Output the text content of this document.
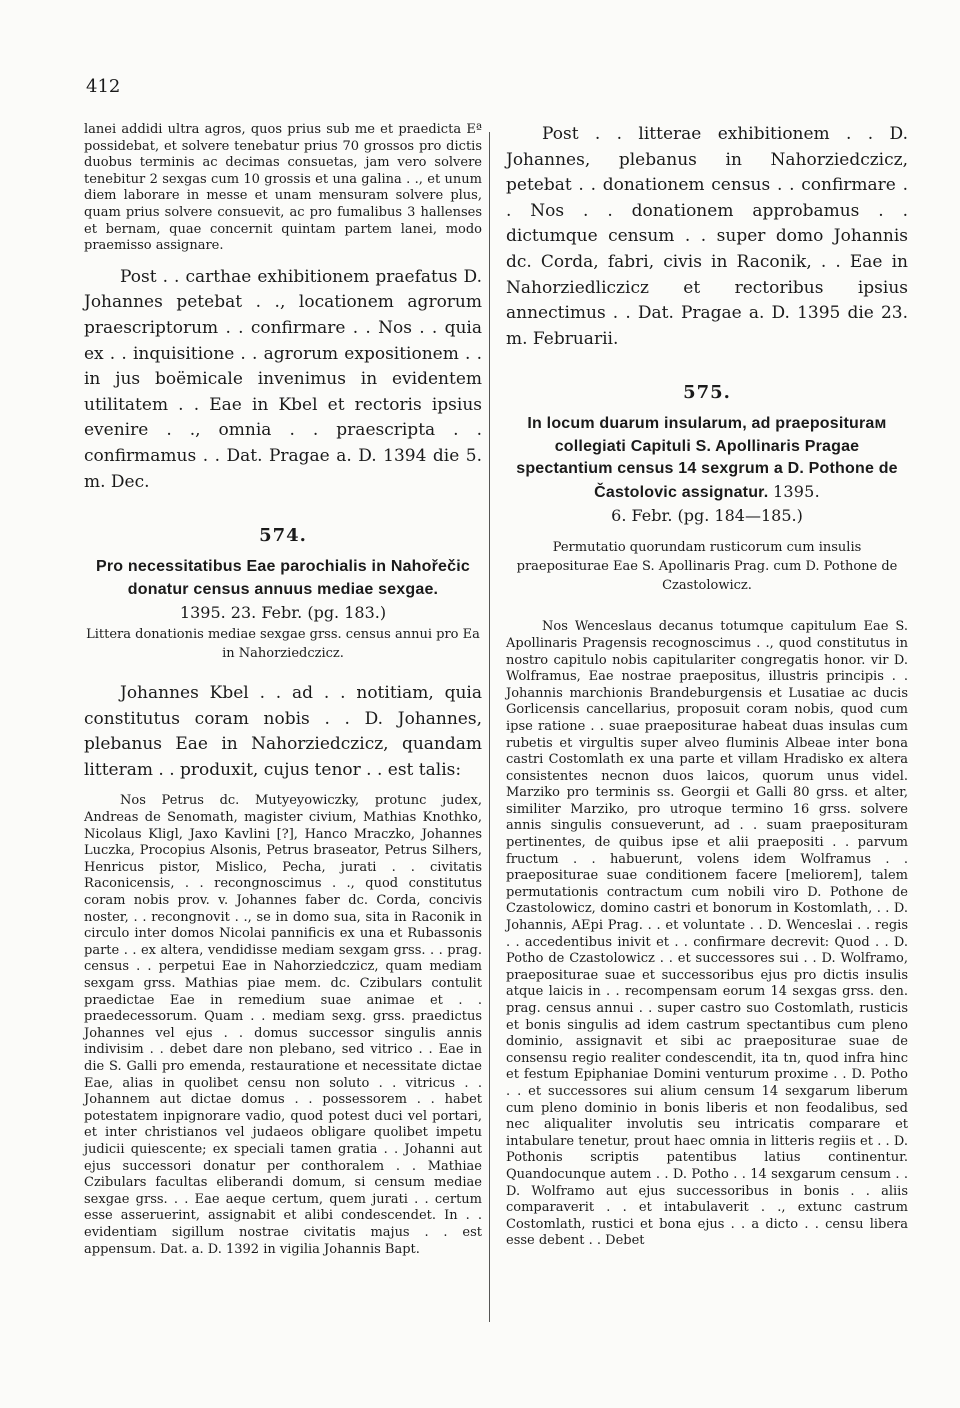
412

lanei addidi ultra agros, quos prius sub me et praedicta Eª possidebat, et solvere tenebatur prius 70 grossos pro dictis duobus terminis ac decimas consuetas, jam vero solvere tenebitur 2 sexgas cum 10 grossis et una galina . ., et unum diem laborare in messe et unam mensuram solvere plus, quam prius solvere consuevit, ac pro fumalibus 3 hallenses et bernam, quae concernit quintam partem lanei, modo praemisso assignare.

Post . . carthae exhibitionem praefatus D. Johannes petebat . ., locationem agrorum praescriptorum . . confirmare . . Nos . . quia ex . . inquisitione . . agrorum expositionem . . in jus boëmicale invenimus in evidentem utilitatem . . Eae in Kbel et rectoris ipsius evenire . ., omnia . . praescripta . . confirmamus . . Dat. Pragae a. D. 1394 die 5. m. Dec.

574.

Pro necessitatibus Eae parochialis in Nahořečic donatur census annuus mediae sexgae.

1395. 23. Febr. (pg. 183.)

Littera donationis mediae sexgae grss. census annui pro Ea in Nahorziedczicz.

Johannes Kbel . . ad . . notitiam, quia constitutus coram nobis . . D. Johannes, plebanus Eae in Nahorziedczicz, quandam litteram . . produxit, cujus tenor . . est talis:

Nos Petrus dc. Mutyeyowiczky, protunc judex, Andreas de Senomath, magister civium, Mathias Knothko, Nicolaus Kligl, Jaxo Kavlini [?], Hanco Mraczko, Johannes Luczka, Procopius Alsonis, Petrus braseator, Petrus Silhers, Henricus pistor, Mislico, Pecha, jurati . . civitatis Raconicensis, . . recongnoscimus . ., quod constitutus coram nobis prov. v. Johannes faber dc. Corda, concivis noster, . . recongnovit . ., se in domo sua, sita in Raconik in circulo inter domos Nicolai pannificis ex una et Rubassonis parte . . ex altera, vendidisse mediam sexgam grss. . . prag. census . . perpetui Eae in Nahorziedczicz, quam mediam sexgam grss. Mathias piae mem. dc. Czibulars contulit praedictae Eae in remedium suae animae et . . praedecessorum. Quam . . mediam sexg. grss. praedictus Johannes vel ejus . . domus successor singulis annis indivisim . . debet dare non plebano, sed vitrico . . Eae in die S. Galli pro emenda, restauratione et necessitate dictae Eae, alias in quolibet censu non soluto . . vitricus . . Johannem aut dictae domus . . possessorem . . habet potestatem inpignorare vadio, quod potest duci vel portari, et inter christianos vel judaeos obligare quolibet impetu judicii quiescente; ex speciali tamen gratia . . Johanni aut ejus successori donatur per conthoralem . . Mathiae Czibulars facultas eliberandi domum, si censum mediae sexgae grss. . . Eae aeque certum, quem jurati . . certum esse asseruerint, assignabit et alibi condescendet. In . . evidentiam sigillum nostrae civitatis majus . . est appensum. Dat. a. D. 1392 in vigilia Johannis Bapt.

Post . . litterae exhibitionem . . D. Johannes, plebanus in Nahorziedczicz, petebat . . donationem census . . confirmare . . Nos . . donationem approbamus . . dictumque censum . . super domo Johannis dc. Corda, fabri, civis in Raconik, . . Eae in Nahorziedliczicz et rectoribus ipsius annectimus . . Dat. Pragae a. D. 1395 die 23. m. Februarii.

575.

In locum duarum insularum, ad praepositurам collegiati Capituli S. Apollinaris Pragae spectantium census 14 sexgrum a D. Pothone de Častolovic assignatur. 1395.

6. Febr. (pg. 184—185.)

Permutatio quorundam rusticorum cum insulis praepositurae Eae S. Apollinaris Prag. cum D. Pothone de Czastolowicz.

Nos Wenceslaus decanus totumque capitulum Eae S. Apollinaris Pragensis recognoscimus . ., quod constitutus in nostro capitulo nobis capitulariter congregatis honor. vir D. Wolframus, Eae nostrae praepositus, illustris principis . . Johannis marchionis Brandeburgensis et Lusatiae ac ducis Gorlicensis cancellarius, proposuit coram nobis, quod cum ipse ratione . . suae praepositurae habeat duas insulas cum rubetis et virgultis super alveo fluminis Albeae inter bona castri Costomlath ex una parte et villam Hradisko ex altera consistentes necnon duos laicos, quorum unus videl. Marziko pro terminis ss. Georgii et Galli 80 grss. et alter, similiter Marziko, pro utroque termino 16 grss. solvere annis singulis consueverunt, ad . . suam praepositurаm pertinentes, de quibus ipse et alii praepositi . . parvum fructum . . habuerunt, volens idem Wolframus . . praepositurae suae conditionem facere [meliorem], talem permutationis contractum cum nobili viro D. Pothone de Czastolowicz, domino castri et bonorum in Kostomlath, . . D. Johannis, AEpi Prag. . . et voluntate . . D. Wenceslai . . regis . . accedentibus inivit et . . confirmare decrevit: Quod . . D. Potho de Czastolowicz . . et successores sui . . D. Wolframo, praepositurae suae et successoribus ejus pro dictis insulis atque laicis in . . recompensam eorum 14 sexgas grss. den. prag. census annui . . super castro suo Costomlath, rusticis et bonis singulis ad idem castrum spectantibus cum pleno dominio, assignavit et sibi ac praepositurae suae de consensu regio realiter condescendit, ita tn, quod infra hinc et festum Epiphaniae Domini venturum proxime . . D. Potho . . et successores sui alium censum 14 sexgarum liberum cum pleno dominio in bonis liberis et non feodalibus, sed nec aliqualiter involutis seu intricatis comparare et intabulare tenetur, prout haec omnia in litteris regiis et . . D. Pothonis scriptis patentibus latius continentur. Quandocunque autem . . D. Potho . . 14 sexgarum censum . . D. Wolframo aut ejus successoribus in bonis . . aliis comparaverit . . et intabulaverit . ., extunc castrum Costomlath, rustici et bona ejus . . a dicto . . censu libera esse debent . . Debet
